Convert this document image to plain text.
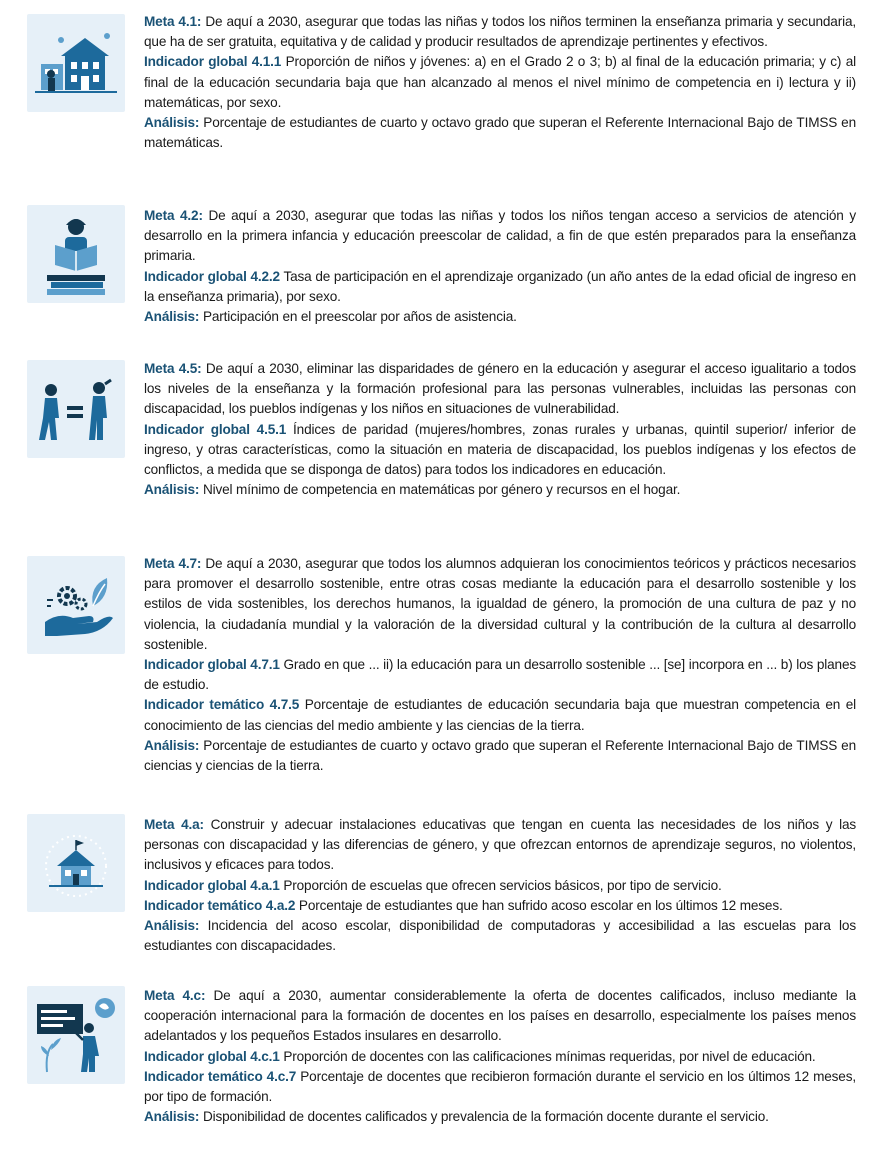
Meta 4.1: De aquí a 2030, asegurar que todas las niñas y todos los niños terminen la enseñanza primaria y secundaria, que ha de ser gratuita, equitativa y de calidad y producir resultados de aprendizaje pertinentes y efectivos.

Indicador global 4.1.1 Proporción de niños y jóvenes: a) en el Grado 2 o 3; b) al final de la educación primaria; y c) al final de la educación secundaria baja que han alcanzado al menos el nivel mínimo de competencia en i) lectura y ii) matemáticas, por sexo.

Análisis: Porcentaje de estudiantes de cuarto y octavo grado que superan el Referente Internacional Bajo de TIMSS en matemáticas.

Meta 4.2: De aquí a 2030, asegurar que todas las niñas y todos los niños tengan acceso a servicios de atención y desarrollo en la primera infancia y educación preescolar de calidad, a fin de que estén preparados para la enseñanza primaria.

Indicador global 4.2.2 Tasa de participación en el aprendizaje organizado (un año antes de la edad oficial de ingreso en la enseñanza primaria), por sexo.

Análisis: Participación en el preescolar por años de asistencia.

Meta 4.5: De aquí a 2030, eliminar las disparidades de género en la educación y asegurar el acceso igualitario a todos los niveles de la enseñanza y la formación profesional para las personas vulnerables, incluidas las personas con discapacidad, los pueblos indígenas y los niños en situaciones de vulnerabilidad.

Indicador global 4.5.1 Índices de paridad (mujeres/hombres, zonas rurales y urbanas, quintil superior/ inferior de ingreso, y otras características, como la situación en materia de discapacidad, los pueblos indígenas y los efectos de conflictos, a medida que se disponga de datos) para todos los indicadores en educación.

Análisis: Nivel mínimo de competencia en matemáticas por género y recursos en el hogar.

Meta 4.7: De aquí a 2030, asegurar que todos los alumnos adquieran los conocimientos teóricos y prácticos necesarios para promover el desarrollo sostenible, entre otras cosas mediante la educación para el desarrollo sostenible y los estilos de vida sostenibles, los derechos humanos, la igualdad de género, la promoción de una cultura de paz y no violencia, la ciudadanía mundial y la valoración de la diversidad cultural y la contribución de la cultura al desarrollo sostenible.

Indicador global 4.7.1 Grado en que ... ii) la educación para un desarrollo sostenible ... [se] incorpora en ... b) los planes de estudio.

Indicador temático 4.7.5 Porcentaje de estudiantes de educación secundaria baja que muestran competencia en el conocimiento de las ciencias del medio ambiente y las ciencias de la tierra.

Análisis: Porcentaje de estudiantes de cuarto y octavo grado que superan el Referente Internacional Bajo de TIMSS en ciencias y ciencias de la tierra.

Meta 4.a: Construir y adecuar instalaciones educativas que tengan en cuenta las necesidades de los niños y las personas con discapacidad y las diferencias de género, y que ofrezcan entornos de aprendizaje seguros, no violentos, inclusivos y eficaces para todos.

Indicador global 4.a.1 Proporción de escuelas que ofrecen servicios básicos, por tipo de servicio.

Indicador temático 4.a.2 Porcentaje de estudiantes que han sufrido acoso escolar en los últimos 12 meses.

Análisis: Incidencia del acoso escolar, disponibilidad de computadoras y accesibilidad a las escuelas para los estudiantes con discapacidades.

Meta 4.c: De aquí a 2030, aumentar considerablemente la oferta de docentes calificados, incluso mediante la cooperación internacional para la formación de docentes en los países en desarrollo, especialmente los países menos adelantados y los pequeños Estados insulares en desarrollo.

Indicador global 4.c.1 Proporción de docentes con las calificaciones mínimas requeridas, por nivel de educación.

Indicador temático 4.c.7 Porcentaje de docentes que recibieron formación durante el servicio en los últimos 12 meses, por tipo de formación.

Análisis: Disponibilidad de docentes calificados y prevalencia de la formación docente durante el servicio.
